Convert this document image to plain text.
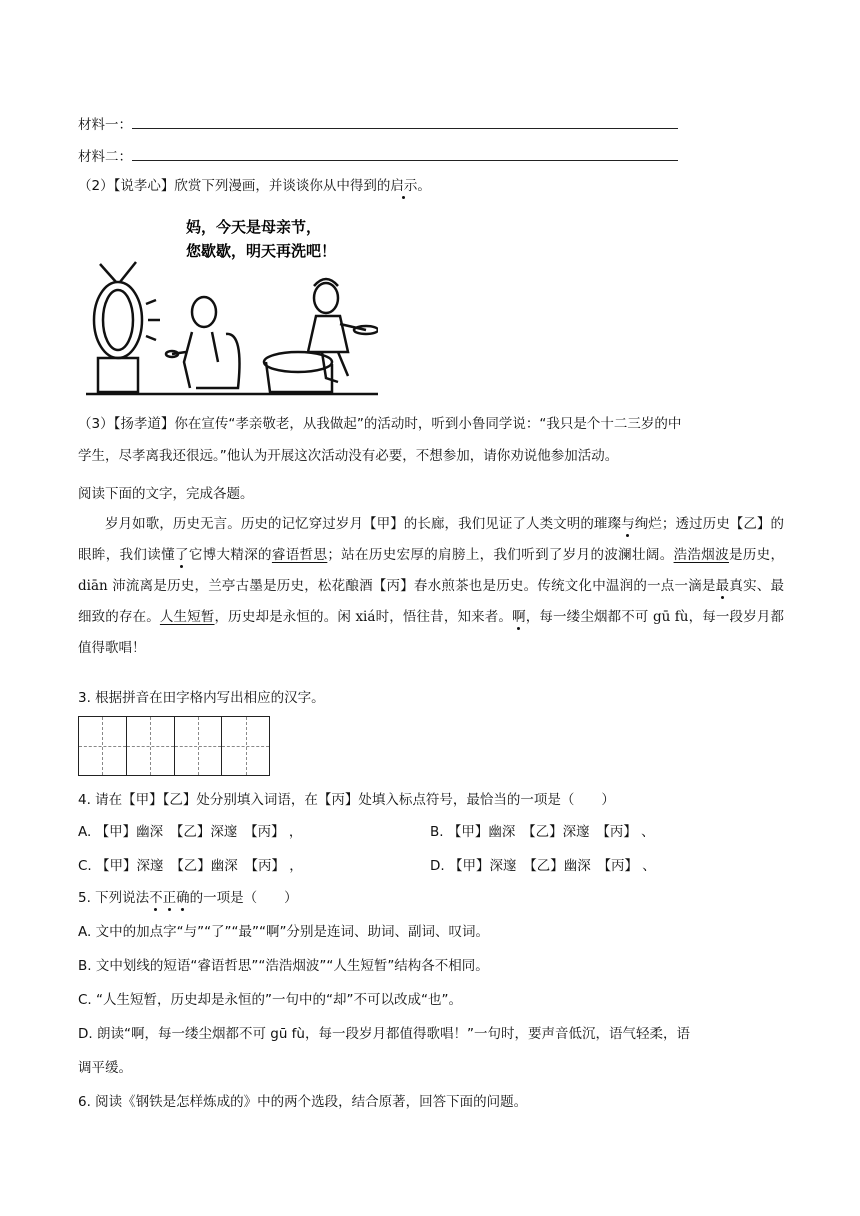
材料一：
材料二：
（2）【说孝心】欣赏下列漫画，并谈谈你从中得到的启示。
妈，今天是母亲节，
您歇歇，明天再洗吧！
（3）【扬孝道】你在宣传“孝亲敬老，从我做起”的活动时，听到小鲁同学说：“我只是个十二三岁的中
学生，尽孝离我还很远。”他认为开展这次活动没有必要，不想参加，请你劝说他参加活动。
阅读下面的文字，完成各题。

岁月如歌，历史无言。历史的记忆穿过岁月【甲】的长廊，我们见证了人类文明的璀璨与绚烂；透过历史【乙】的眼眸，我们读懂了它博大精深的睿语哲思；站在历史宏厚的肩膀上，我们听到了岁月的波澜壮阔。浩浩烟波是历史，diān 沛流离是历史，兰亭古墨是历史，松花酿酒【丙】春水煎茶也是历史。传统文化中温润的一点一滴是最真实、最细致的存在。人生短暂，历史却是永恒的。闲 xiá时，悟往昔，知来者。啊，每一缕尘烟都不可 gū fù，每一段岁月都值得歌唱！

3. 根据拼音在田字格内写出相应的汉字。
4. 请在【甲】【乙】处分别填入词语，在【丙】处填入标点符号，最恰当的一项是（　　）
A. 【甲】幽深　【乙】深邃　【丙】 ，	B. 【甲】幽深　【乙】深邃　【丙】 、
C. 【甲】深邃　【乙】幽深　【丙】 ，	D. 【甲】深邃　【乙】幽深　【丙】 、
5. 下列说法不正确的一项是（　　）
A. 文中的加点字“与”“了”“最”“啊”分别是连词、助词、副词、叹词。
B. 文中划线的短语“睿语哲思”“浩浩烟波”“人生短暂”结构各不相同。
C. “人生短暂，历史却是永恒的”一句中的“却”不可以改成“也”。
D. 朗读“啊，每一缕尘烟都不可 gū fù，每一段岁月都值得歌唱！”一句时，要声音低沉，语气轻柔，语
调平缓。
6. 阅读《钢铁是怎样炼成的》中的两个选段，结合原著，回答下面的问题。
